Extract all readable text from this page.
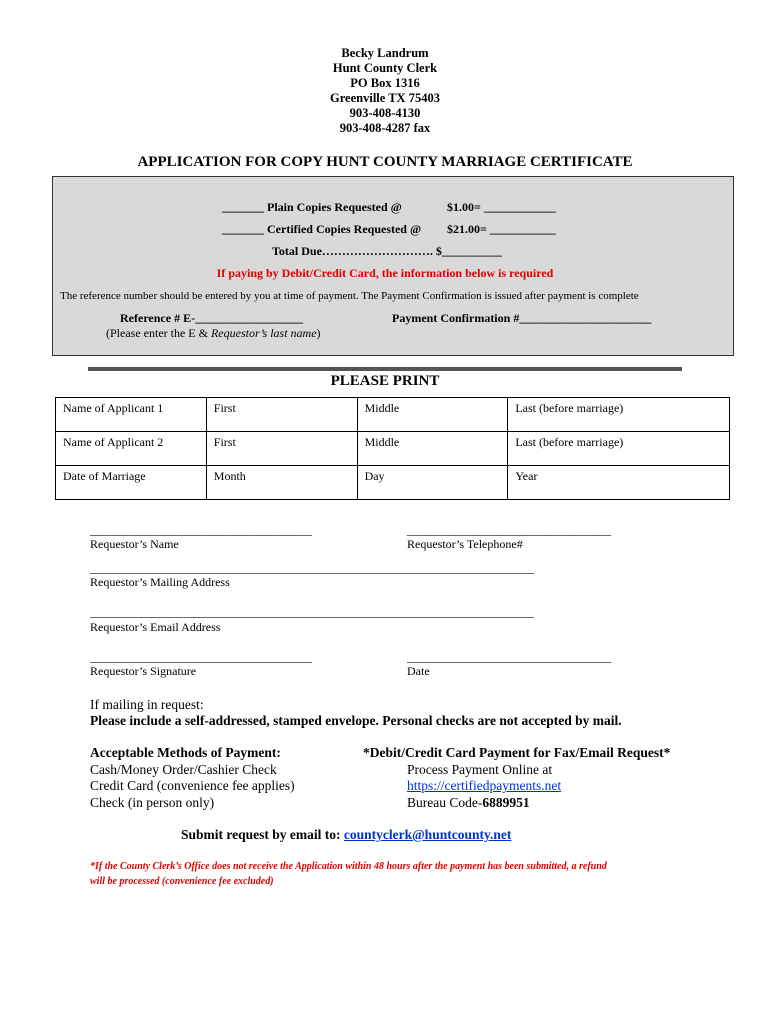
Becky Landrum
Hunt County Clerk
PO Box 1316
Greenville TX 75403
903-408-4130
903-408-4287 fax
APPLICATION FOR COPY HUNT COUNTY MARRIAGE CERTIFICATE
_______ Plain Copies Requested @	$1.00= ____________
_______ Certified Copies Requested @ $21.00= ___________
Total Due………………………. $__________
If paying by Debit/Credit Card, the information below is required
The reference number should be entered by you at time of payment. The Payment Confirmation is issued after payment is complete
Reference # E-__________________
(Please enter the E & Requestor’s last name)
Payment Confirmation #______________________
PLEASE PRINT
Name of Applicant 1	First	Middle	Last (before marriage)
Name of Applicant 2	First	Middle	Last (before marriage)
Date of Marriage	Month	Day	Year
_____________________________________
Requestor’s Name
__________________________________
Requestor’s Telephone#
__________________________________________________________________________
Requestor’s Mailing Address
__________________________________________________________________________
Requestor’s Email Address
_____________________________________
Requestor’s Signature
__________________________________
Date
If mailing in request:
Please include a self-addressed, stamped envelope. Personal checks are not accepted by mail.
Acceptable Methods of Payment:
Cash/Money Order/Cashier Check
Credit Card (convenience fee applies)
Check (in person only)
*Debit/Credit Card Payment for Fax/Email Request*
Process Payment Online at
https://certifiedpayments.net
Bureau Code-6889951
Submit request by email to: countyclerk@huntcounty.net
*If the County Clerk’s Office does not receive the Application within 48 hours after the payment has been submitted, a refund
will be processed (convenience fee excluded)
